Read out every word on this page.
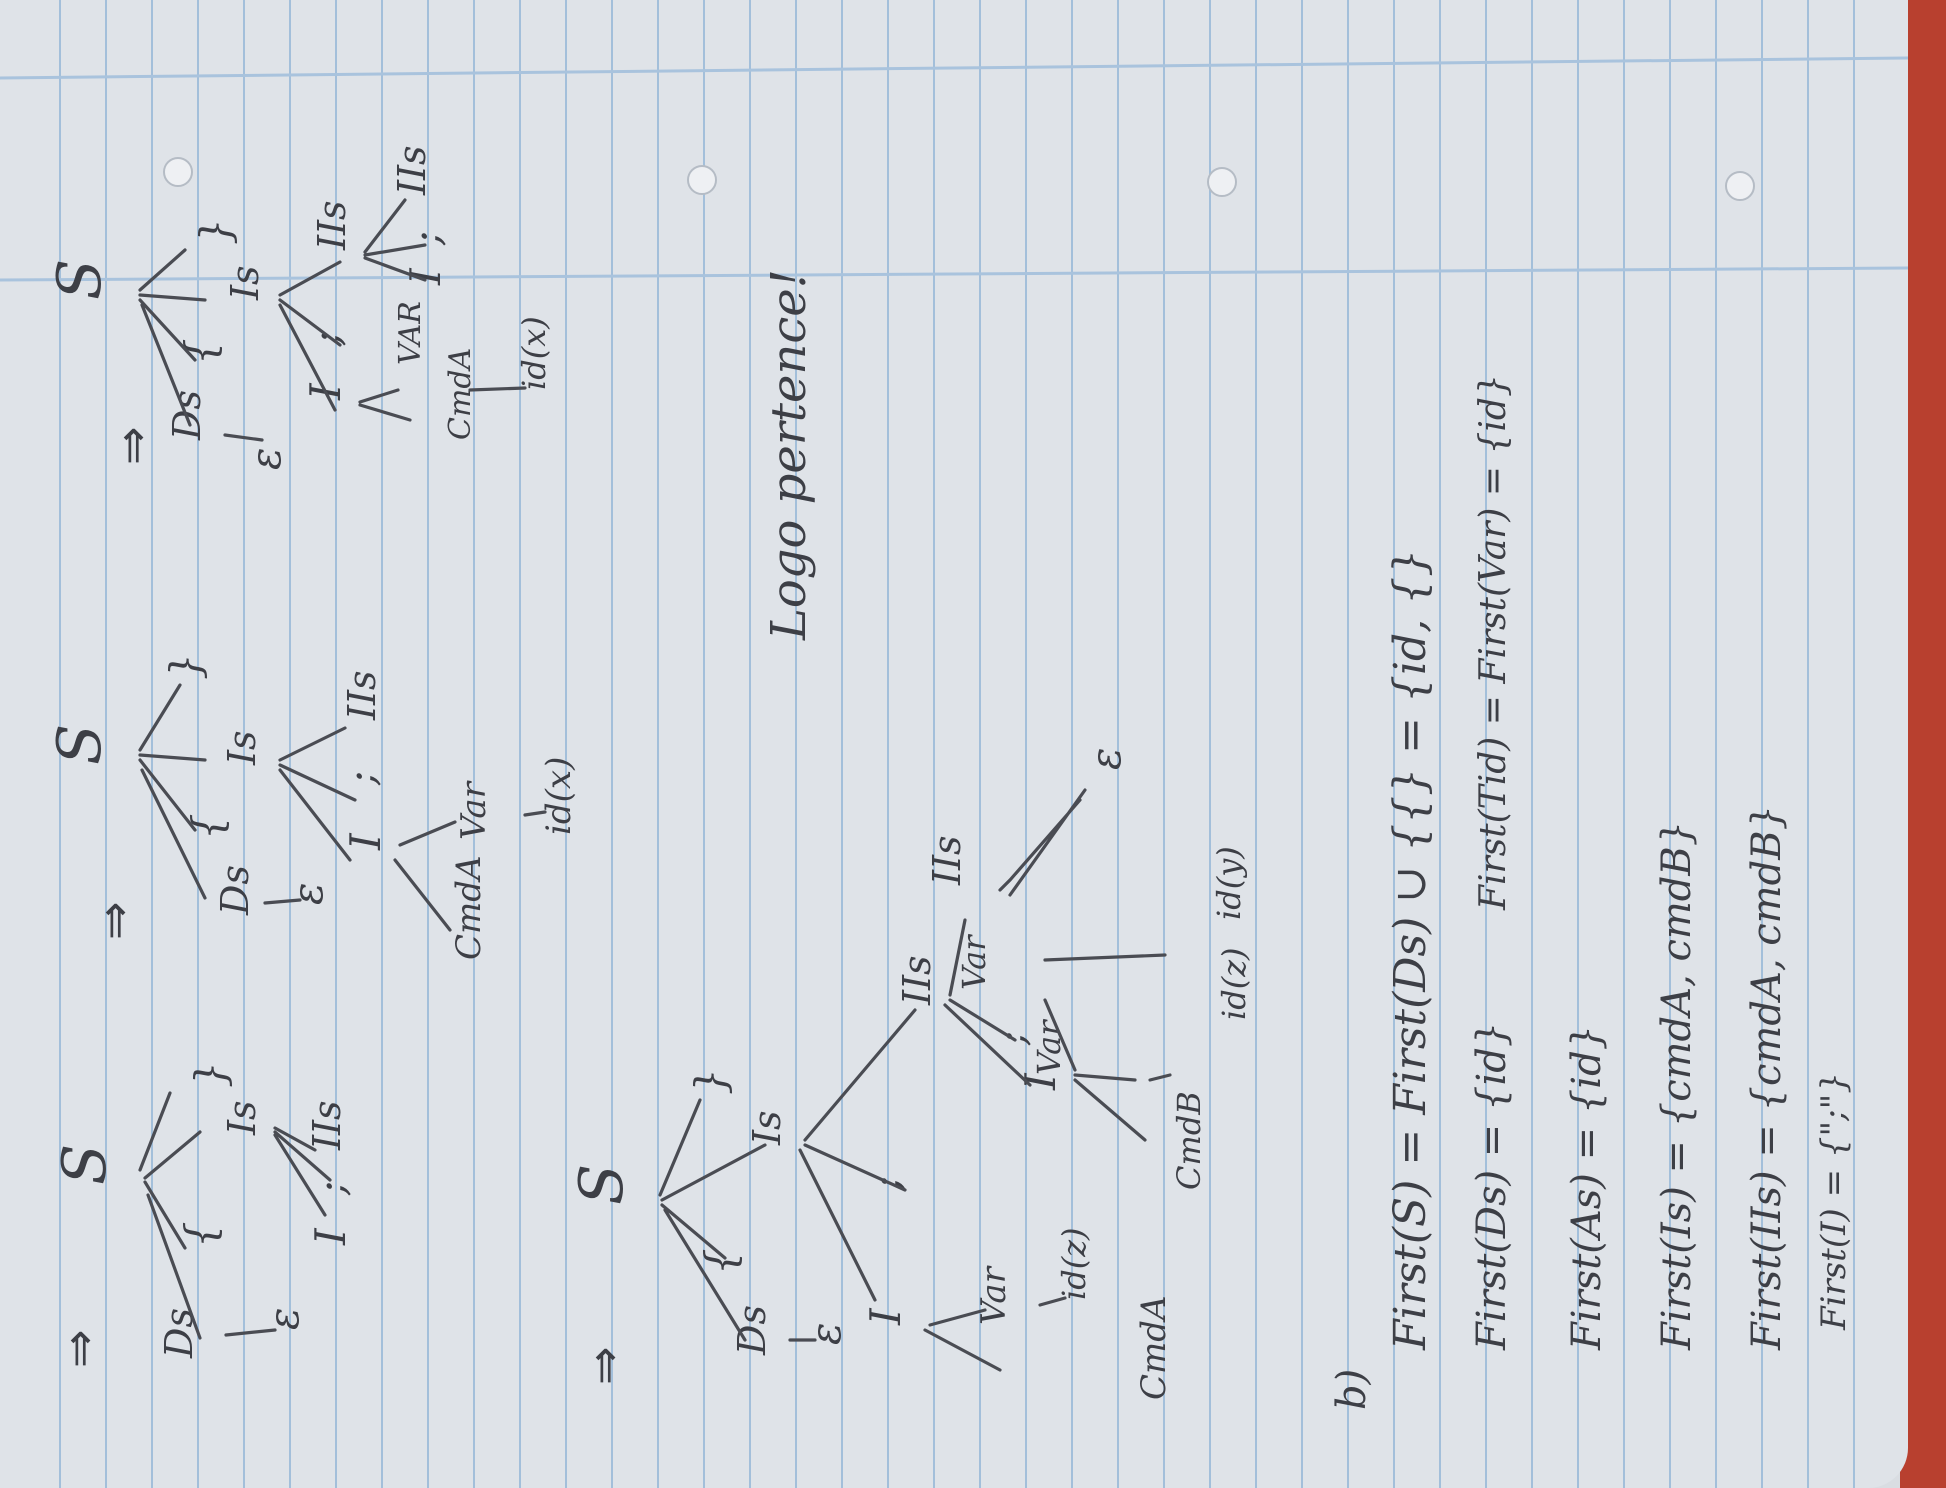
⇒
S
Ds
{
Is
}
ε
I
;
IIs
⇒
S
Ds
{
Is
}
ε
I
;
IIs
CmdA
Var id(x)
⇒
S
Ds
{
Is
}
ε
I
;
IIs
I
;
IIs
CmdA
VAR	id(x)
⇒
S
Ds
{
Is
}
ε
I
;
IIs
CmdA
Var id(z)
I
;
IIs
ε
CmdB
Var
Var	id(z)
id(y)
Logo pertence!
b)
First(S) = First(Ds) ∪ {{} = {id, {} First(Ds) = {id}
First(Tid) = First(Var) = {id}
First(As) = {id} First(Is) = {cmdA, cmdB} First(IIs) = {cmdA, cmdB} First(I) = {";"}
